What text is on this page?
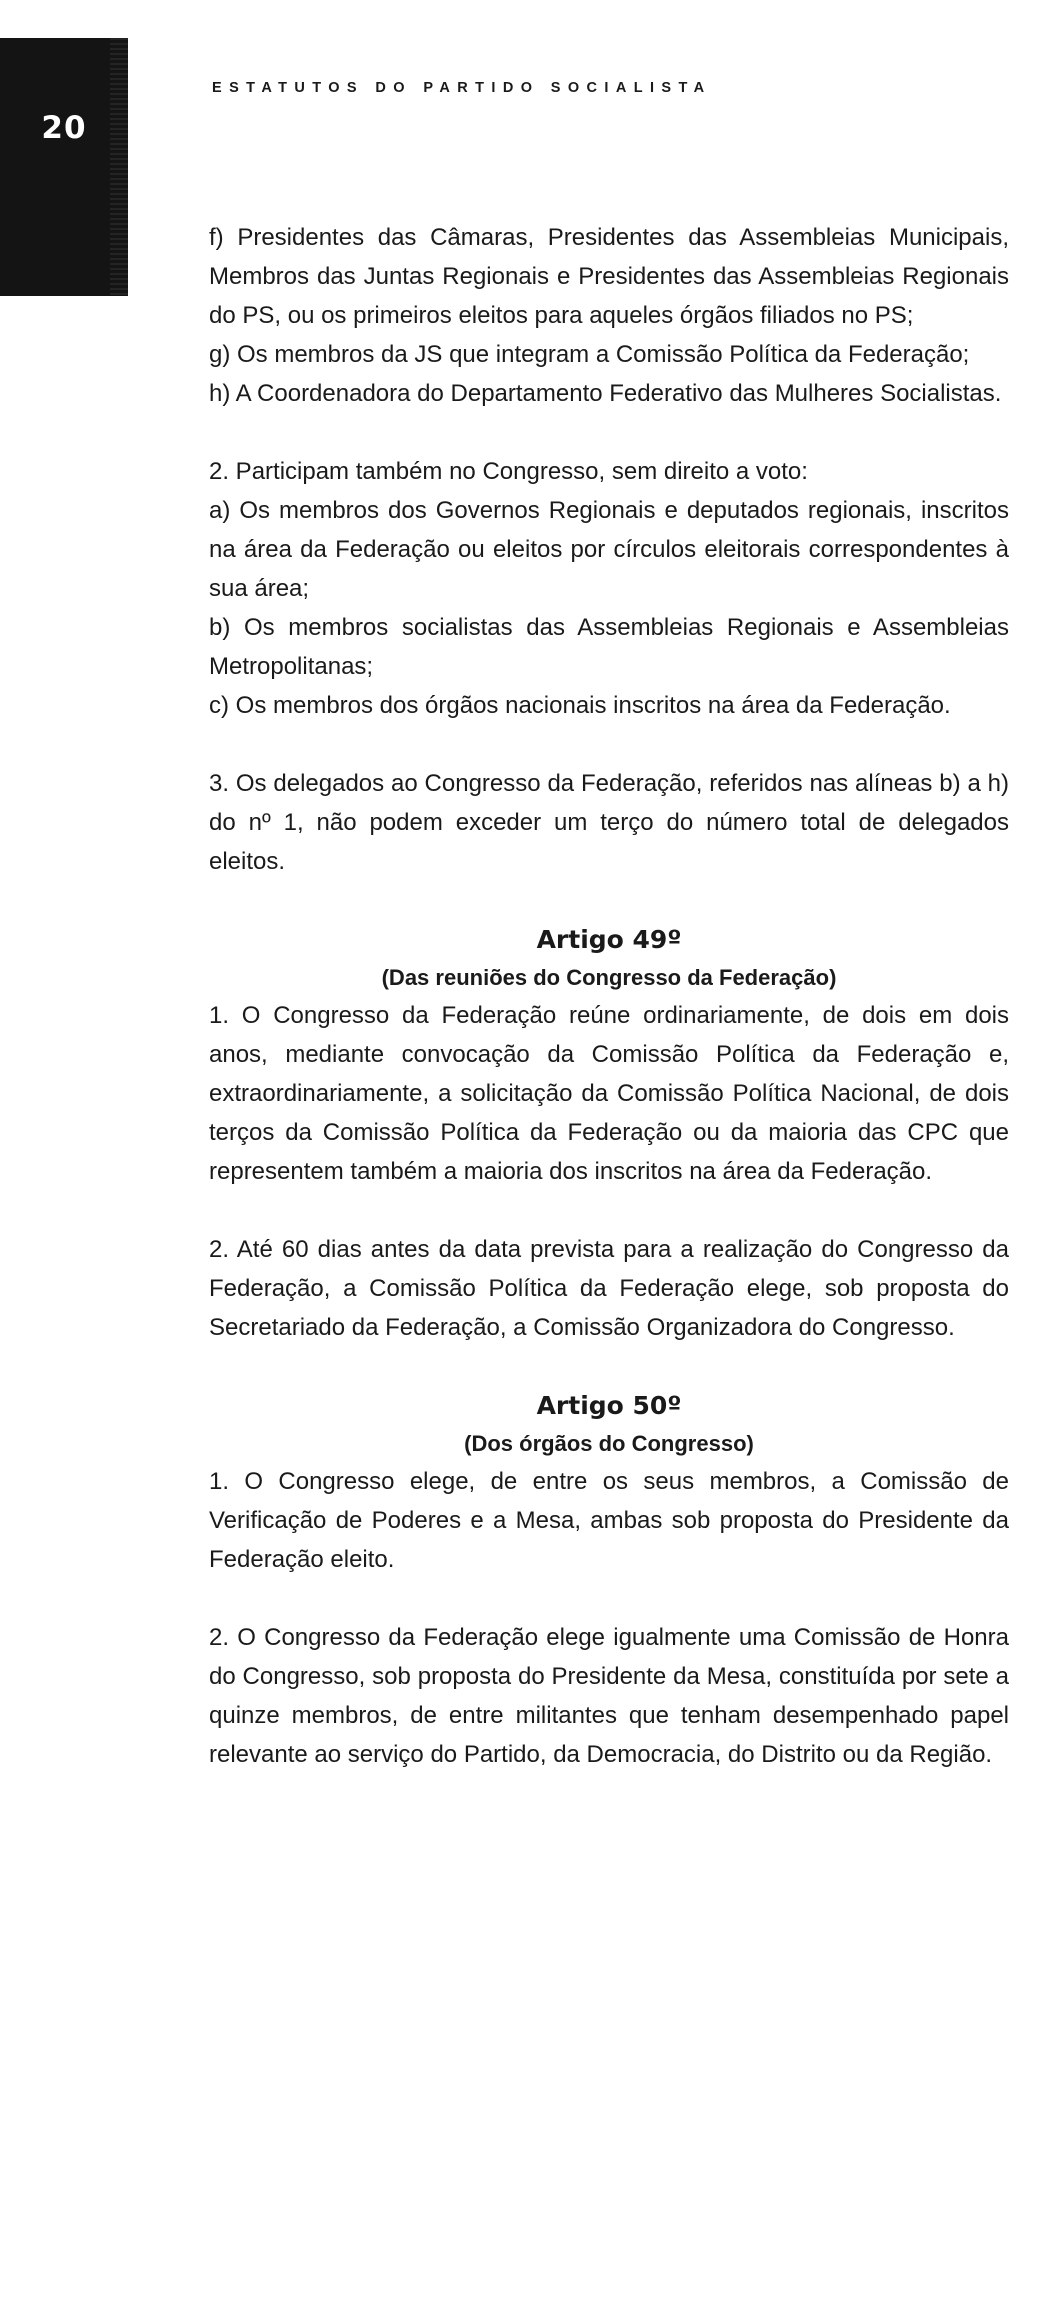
20
ESTATUTOS DO PARTIDO SOCIALISTA

f) Presidentes das Câmaras, Presidentes das Assembleias Municipais, Membros das Juntas Regionais e Presidentes das Assembleias Regionais do PS, ou os primeiros eleitos para aqueles órgãos filiados no PS;

g) Os membros da JS que integram a Comissão Política da Federação;

h) A Coordenadora do Departamento Federativo das Mulheres Socialistas.

2. Participam também no Congresso, sem direito a voto:

a) Os membros dos Governos Regionais e deputados regionais, inscritos na área da Federação ou eleitos por círculos eleitorais correspondentes à sua área;

b) Os membros socialistas das Assembleias Regionais e Assembleias Metropolitanas;

c) Os membros dos órgãos nacionais inscritos na área da Federação.

3. Os delegados ao Congresso da Federação, referidos nas alíneas b) a h) do nº 1, não podem exceder um terço do número total de delegados eleitos.

Artigo 49º
(Das reuniões do Congresso da Federação)

1. O Congresso da Federação reúne ordinariamente, de dois em dois anos, mediante convocação da Comissão Política da Federação e, extraordinariamente, a solicitação da Comissão Política Nacional, de dois terços da Comissão Política da Federação ou da maioria das CPC que representem também a maioria dos inscritos na área da Federação.

2. Até 60 dias antes da data prevista para a realização do Congresso da Federação, a Comissão Política da Federação elege, sob proposta do Secretariado da Federação, a Comissão Organizadora do Congresso.

Artigo 50º
(Dos órgãos do Congresso)

1. O Congresso elege, de entre os seus membros, a Comissão de Verificação de Poderes e a Mesa, ambas sob proposta do Presidente da Federação eleito.

2. O Congresso da Federação elege igualmente uma Comissão de Honra do Congresso, sob proposta do Presidente da Mesa, constituída por sete a quinze membros, de entre militantes que tenham desempenhado papel relevante ao serviço do Partido, da Democracia, do Distrito ou da Região.
